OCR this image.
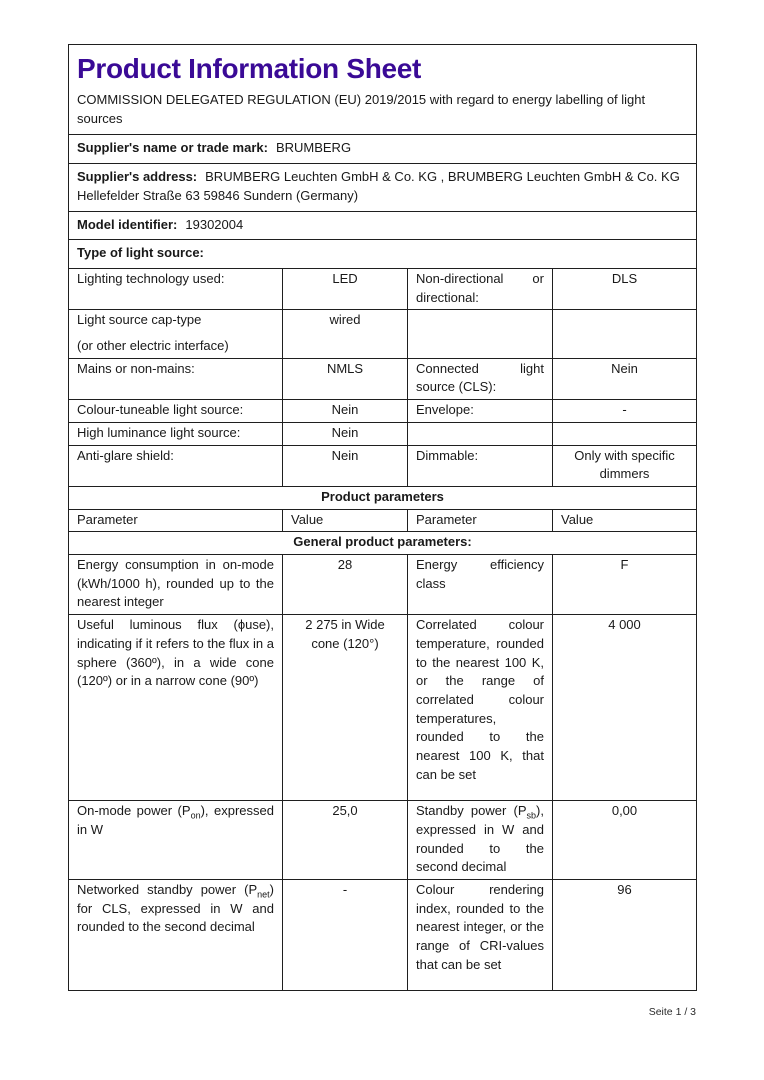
Product Information Sheet
COMMISSION DELEGATED REGULATION (EU) 2019/2015 with regard to energy labelling of light sources

Supplier's name or trade mark: BRUMBERG			
Supplier's address: BRUMBERG Leuchten GmbH & Co. KG , BRUMBERG Leuchten GmbH & Co. KG Hellefelder Straße 63 59846 Sundern (Germany)			
Model identifier: 19302004			
Type of light source:			
Lighting technology used:	LED	Non-directional or directional:	DLS

Light source cap-type
(or other electric interface)	wired		
Mains or non-mains:	NMLS	Connected light source (CLS):	Nein
Colour-tuneable light source:	Nein	Envelope:	-
High luminance light source:	Nein		
Anti-glare shield:	Nein	Dimmable:	Only with specific dimmers
Product parameters			
Parameter	Value	Parameter	Value
General product parameters:			
Energy consumption in on-mode (kWh/1000 h), rounded up to the nearest integer	28	Energy efficiency class	F
Useful luminous flux (ϕuse), indicating if it refers to the flux in a sphere (360º), in a wide cone (120º) or in a narrow cone (90º)	2 275 in Wide cone (120°)	Correlated colour temperature, rounded to the nearest 100 K, or the range of correlated colour temperatures, rounded to the nearest 100 K, that can be set	4 000
On-mode power $(P_{on})$, expressed in W	25,0	Standby power $(P_{sb})$, expressed in W and rounded to the second decimal	0,00
Networked standby power $(P_{net})$ for CLS, expressed in W and rounded to the second decimal	-	Colour rendering index, rounded to the nearest integer, or the range of CRI-values that can be set	96
Seite 1 / 3
